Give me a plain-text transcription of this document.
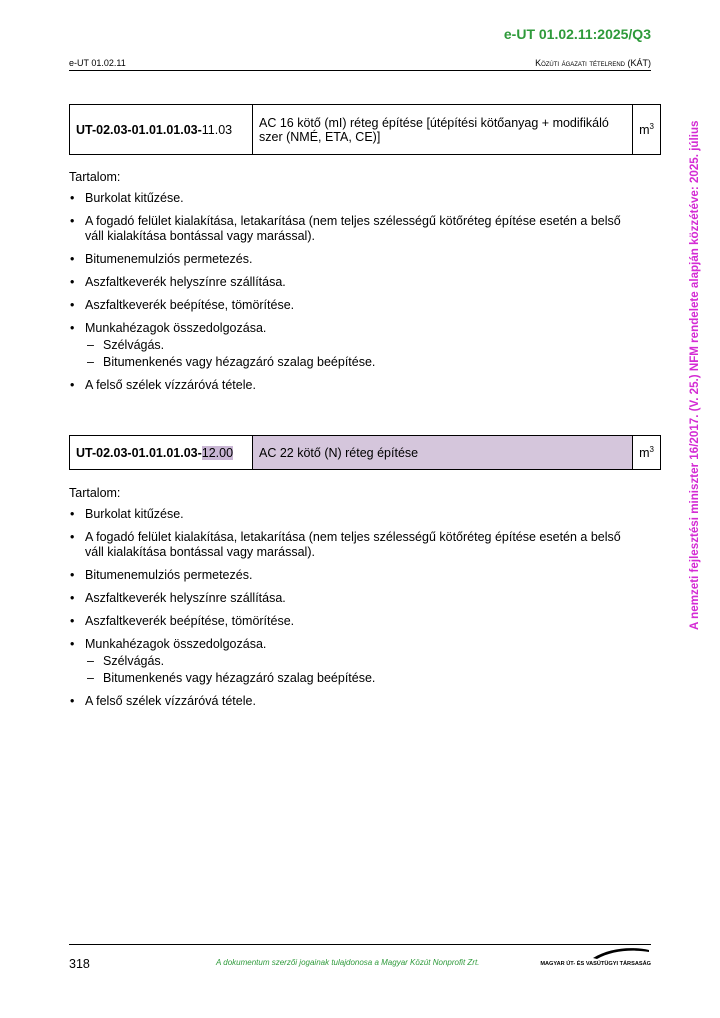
e-UT 01.02.11:2025/Q3
e-UT 01.02.11	Közúti ágazati tételrend (KÁT)
A nemzeti fejlesztési miniszter 16/2017. (V. 25.) NFM rendelete alapján közzétéve: 2025. július
UT-02.03-01.01.01.03-11.03	AC 16 kötő (mI) réteg építése [útépítési kötőanyag + modifikáló szer (NMÉ, ETA, CE)]	$m^3$
Tartalom:
• Burkolat kitűzése.
• A fogadó felület kialakítása, letakarítása (nem teljes szélességű kötőréteg építése esetén a belső váll kialakítása bontással vagy marással).
• Bitumenemulziós permetezés.
• Aszfaltkeverék helyszínre szállítása.
• Aszfaltkeverék beépítése, tömörítése.
• Munkahézagok összedolgozása.
– Szélvágás.
– Bitumenkenés vagy hézagzáró szalag beépítése.
• A felső szélek vízzáróvá tétele.
UT-02.03-01.01.01.03-12.00	AC 22 kötő (N) réteg építése	$m^3$
Tartalom:
• Burkolat kitűzése.
• A fogadó felület kialakítása, letakarítása (nem teljes szélességű kötőréteg építése esetén a belső váll kialakítása bontással vagy marással).
• Bitumenemulziós permetezés.
• Aszfaltkeverék helyszínre szállítása.
• Aszfaltkeverék beépítése, tömörítése.
• Munkahézagok összedolgozása.
– Szélvágás.
– Bitumenkenés vagy hézagzáró szalag beépítése.
• A felső szélek vízzáróvá tétele.
318	A dokumentum szerzői jogainak tulajdonosa a Magyar Közút Nonprofit Zrt.	MAGYAR ÚT- ÉS VASÚTÜGYI TÁRSASÁG
